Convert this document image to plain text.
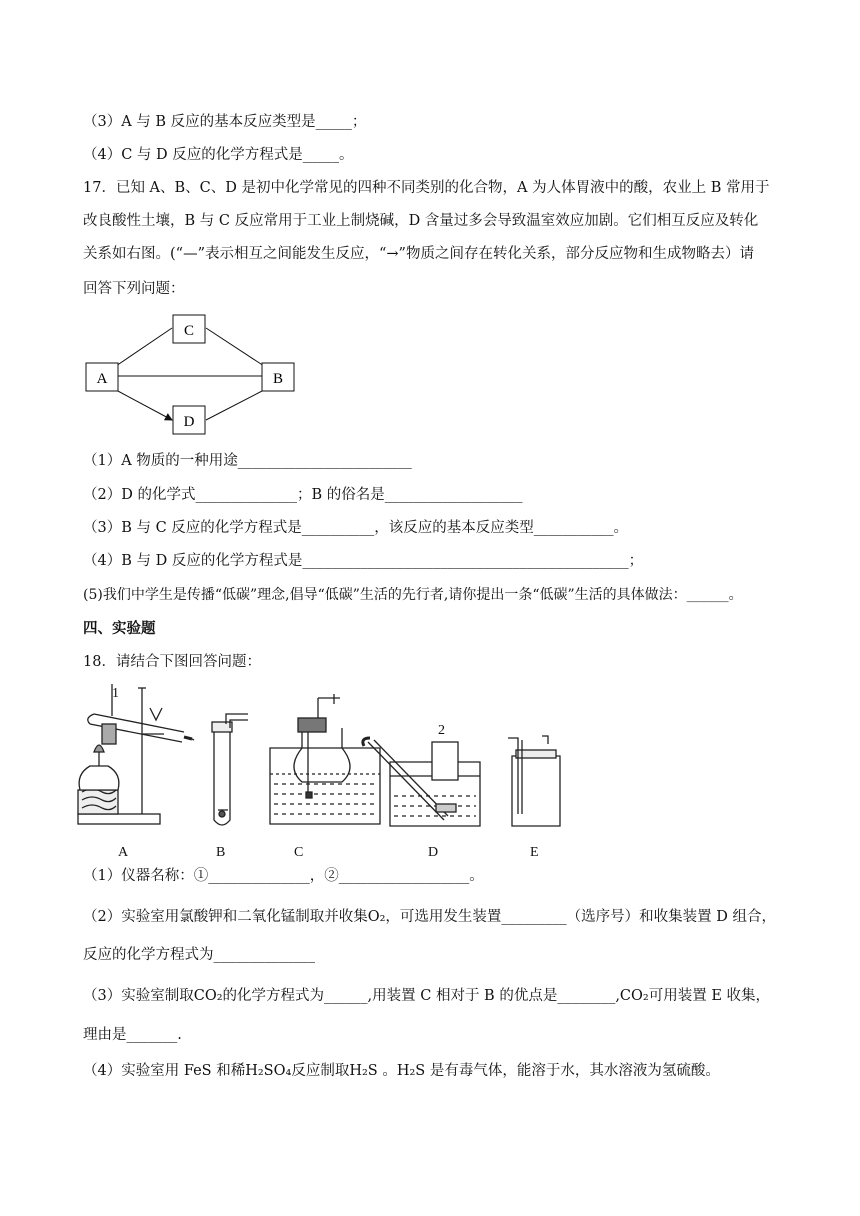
（3）A 与 B 反应的基本反应类型是_____；
（4）C 与 D 反应的化学方程式是_____。
17．已知 A、B、C、D 是初中化学常见的四种不同类别的化合物，A 为人体胃液中的酸，农业上 B 常用于
改良酸性土壤，B 与 C 反应常用于工业上制烧碱，D 含量过多会导致温室效应加剧。它们相互反应及转化
关系如右图。(“—”表示相互之间能发生反应，“→”物质之间存在转化关系，部分反应物和生成物略去）请
回答下列问题：
C
A	B
D
（1）A 物质的一种用途________________________
（2）D 的化学式______________；B 的俗名是___________________
（3）B 与 C 反应的化学方程式是__________，该反应的基本反应类型___________。
（4）B 与 D 反应的化学方程式是_____________________________________________；
(5)我们中学生是传播“低碳”理念,倡导“低碳”生活的先行者,请你提出一条“低碳”生活的具体做法：______。
四、实验题
18．请结合下图回答问题：
1
2
A	B	C	D	E
（1）仪器名称：①______________，②__________________。
（2）实验室用氯酸钾和二氧化锰制取并收集O₂，可选用发生装置_________（选序号）和收集装置 D 组合，
反应的化学方程式为______________
（3）实验室制取CO₂的化学方程式为______,用装置 C 相对于 B 的优点是________,CO₂可用装置 E 收集，
理由是_______.
（4）实验室用 FeS 和稀H₂SO₄反应制取H₂S 。H₂S 是有毒气体，能溶于水，其水溶液为氢硫酸。
